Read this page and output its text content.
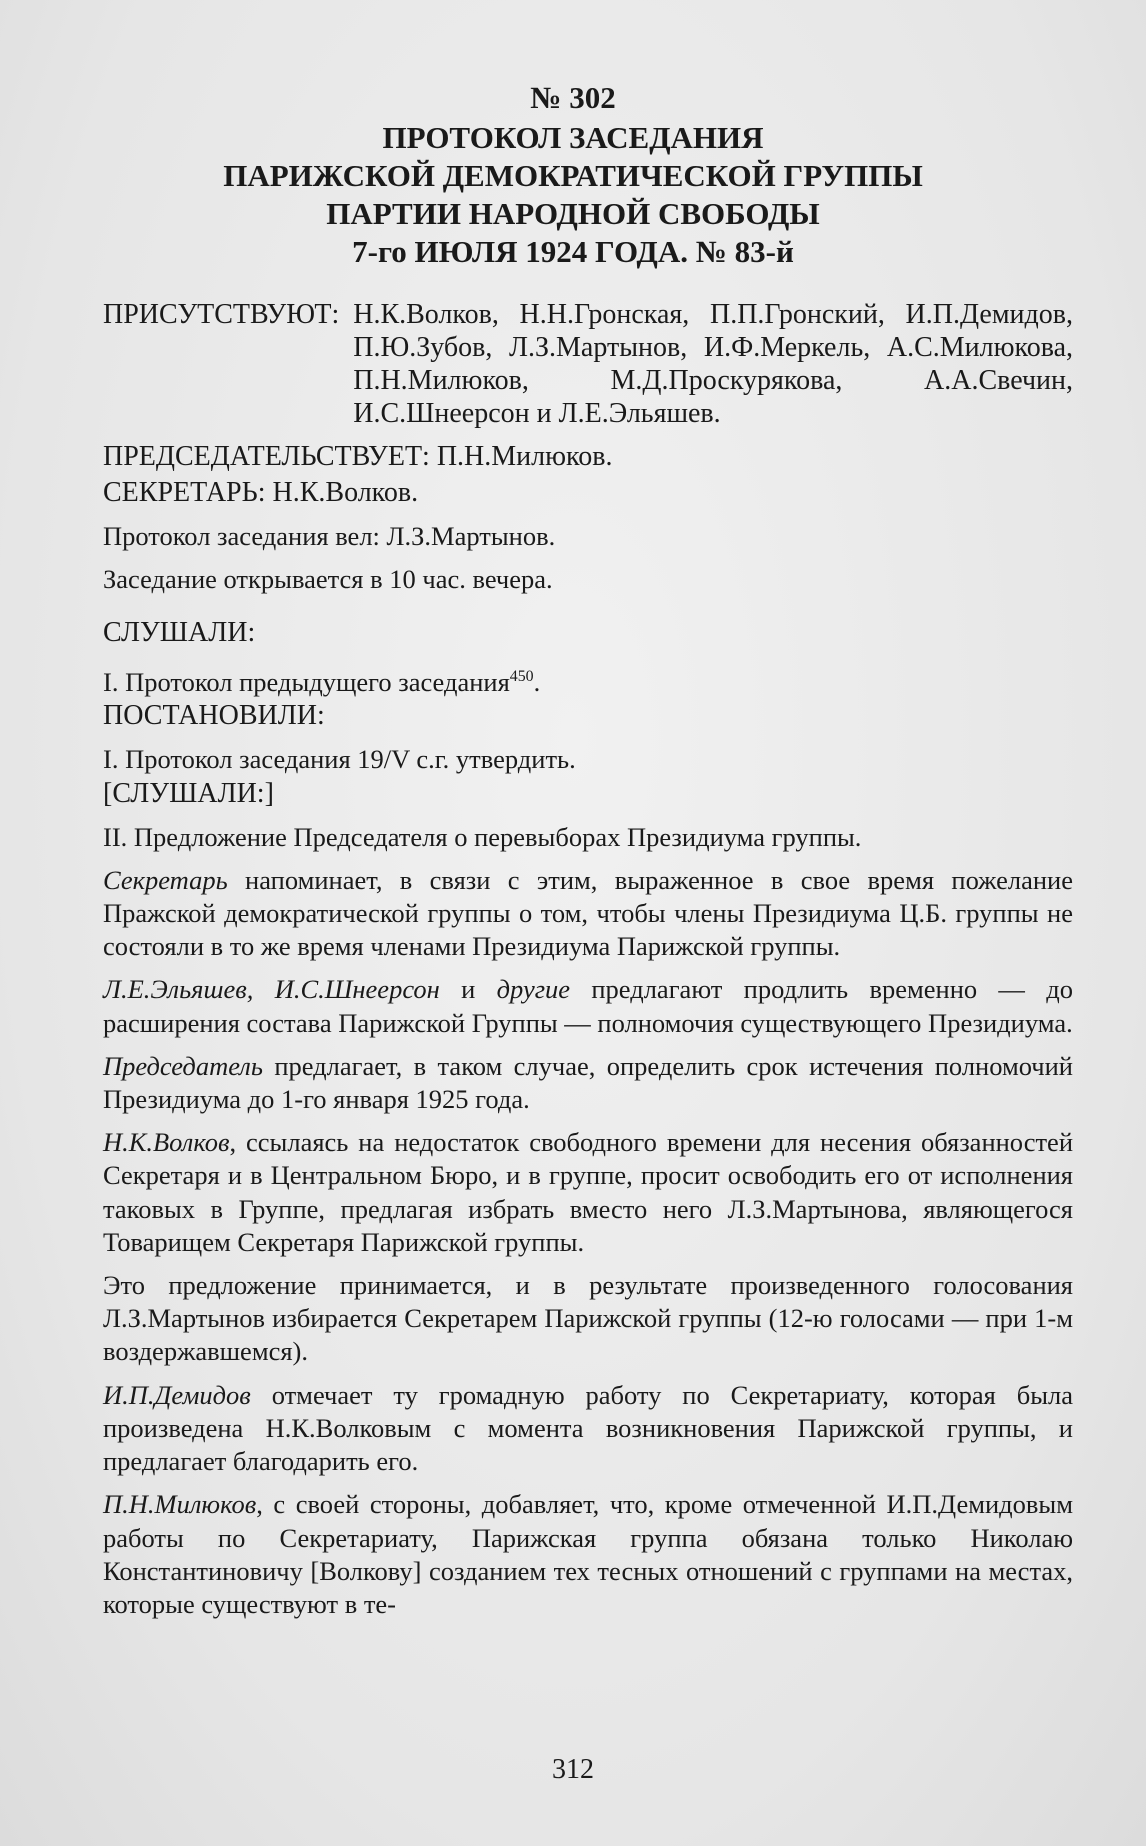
№ 302
ПРОТОКОЛ ЗАСЕДАНИЯ
ПАРИЖСКОЙ ДЕМОКРАТИЧЕСКОЙ ГРУППЫ
ПАРТИИ НАРОДНОЙ СВОБОДЫ
7-го ИЮЛЯ 1924 ГОДА. № 83-й

ПРИСУТСТВУЮТ: Н.К.Волков, Н.Н.Гронская, П.П.Гронский, И.П.Демидов, П.Ю.Зубов, Л.З.Мартынов, И.Ф.Меркель, А.С.Милюкова, П.Н.Милюков, М.Д.Проскурякова, А.А.Свечин, И.С.Шнеерсон и Л.Е.Эльяшев.

ПРЕДСЕДАТЕЛЬСТВУЕТ: П.Н.Милюков.

СЕКРЕТАРЬ: Н.К.Волков.

Протокол заседания вел: Л.З.Мартынов.

Заседание открывается в 10 час. вечера.

СЛУШАЛИ:

I. Протокол предыдущего заседания$^{450}$.

ПОСТАНОВИЛИ:

I. Протокол заседания 19/V с.г. утвердить.

[СЛУШАЛИ:]

II. Предложение Председателя о перевыборах Президиума группы.

Секретарь напоминает, в связи с этим, выраженное в свое время пожелание Пражской демократической группы о том, чтобы члены Президиума Ц.Б. группы не состояли в то же время членами Президиума Парижской группы.

Л.Е.Эльяшев, И.С.Шнеерсон и другие предлагают продлить временно — до расширения состава Парижской Группы — полномочия существующего Президиума.

Председатель предлагает, в таком случае, определить срок истечения полномочий Президиума до 1-го января 1925 года.

Н.К.Волков, ссылаясь на недостаток свободного времени для несения обязанностей Секретаря и в Центральном Бюро, и в группе, просит освободить его от исполнения таковых в Группе, предлагая избрать вместо него Л.З.Мартынова, являющегося Товарищем Секретаря Парижской группы.

Это предложение принимается, и в результате произведенного голосования Л.З.Мартынов избирается Секретарем Парижской группы (12-ю голосами — при 1-м воздержавшемся).

И.П.Демидов отмечает ту громадную работу по Секретариату, которая была произведена Н.К.Волковым с момента возникновения Парижской группы, и предлагает благодарить его.

П.Н.Милюков, с своей стороны, добавляет, что, кроме отмеченной И.П.Демидовым работы по Секретариату, Парижская группа обязана только Николаю Константиновичу [Волкову] созданием тех тесных отношений с группами на местах, которые существуют в те-

312
